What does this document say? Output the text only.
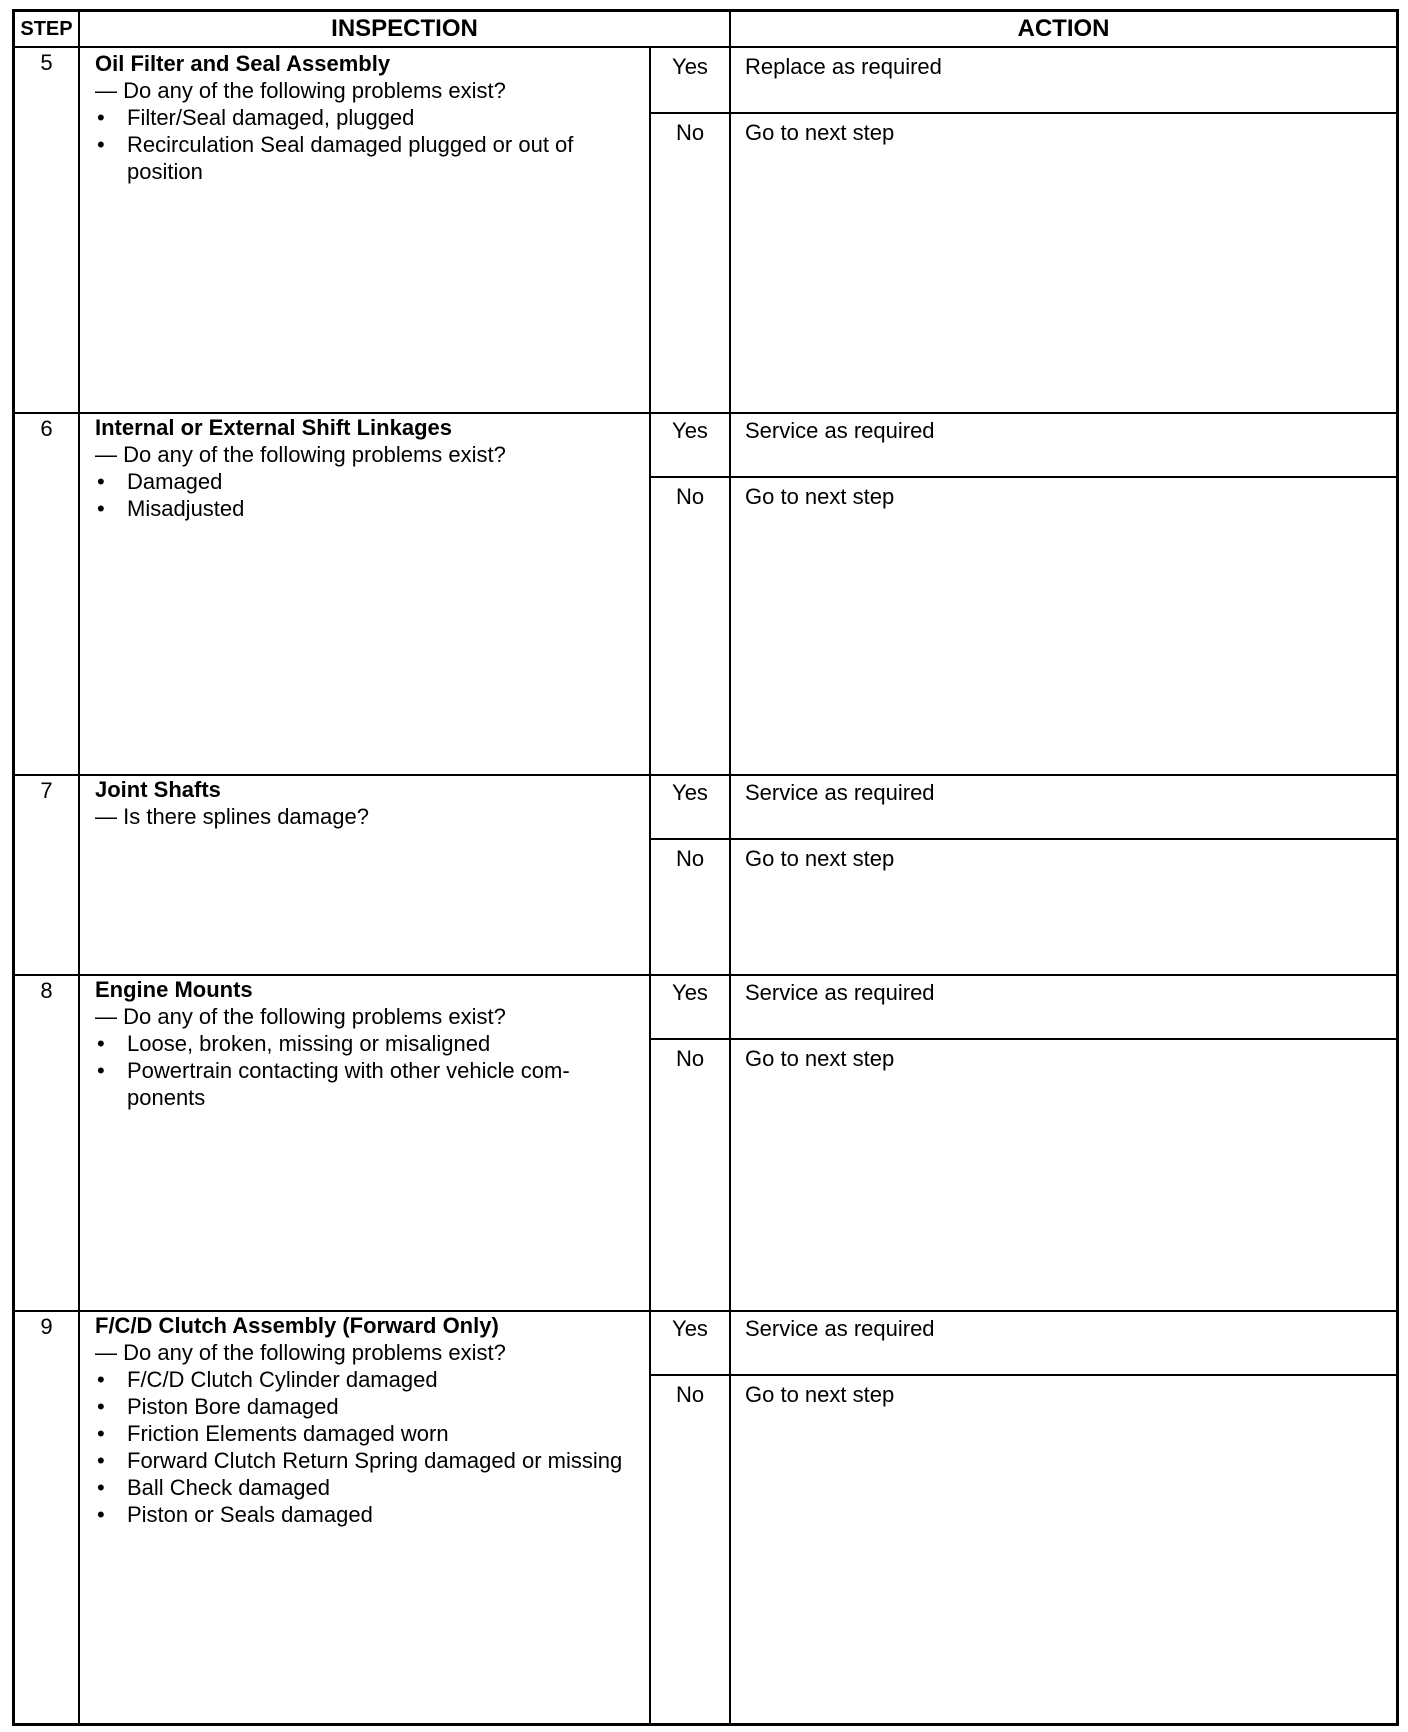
STEP	INSPECTION	ACTION
5	Oil Filter and Seal Assembly
— Do any of the following problems exist?
• Filter/Seal damaged, plugged
• Recirculation Seal damaged plugged or out of position
Yes	Replace as required
No	Go to next step
6	Internal or External Shift Linkages
— Do any of the following problems exist?
• Damaged
• Misadjusted
Yes	Service as required
No	Go to next step
7	Joint Shafts
— Is there splines damage?
Yes	Service as required
No	Go to next step
8	Engine Mounts
— Do any of the following problems exist?
• Loose, broken, missing or misaligned
• Powertrain contacting with other vehicle com-ponents
Yes	Service as required
No	Go to next step
9	F/C/D Clutch Assembly (Forward Only)
— Do any of the following problems exist?
• F/C/D Clutch Cylinder damaged
• Piston Bore damaged
• Friction Elements damaged worn
• Forward Clutch Return Spring damaged or missing
• Ball Check damaged
• Piston or Seals damaged
Yes	Service as required
No	Go to next step
